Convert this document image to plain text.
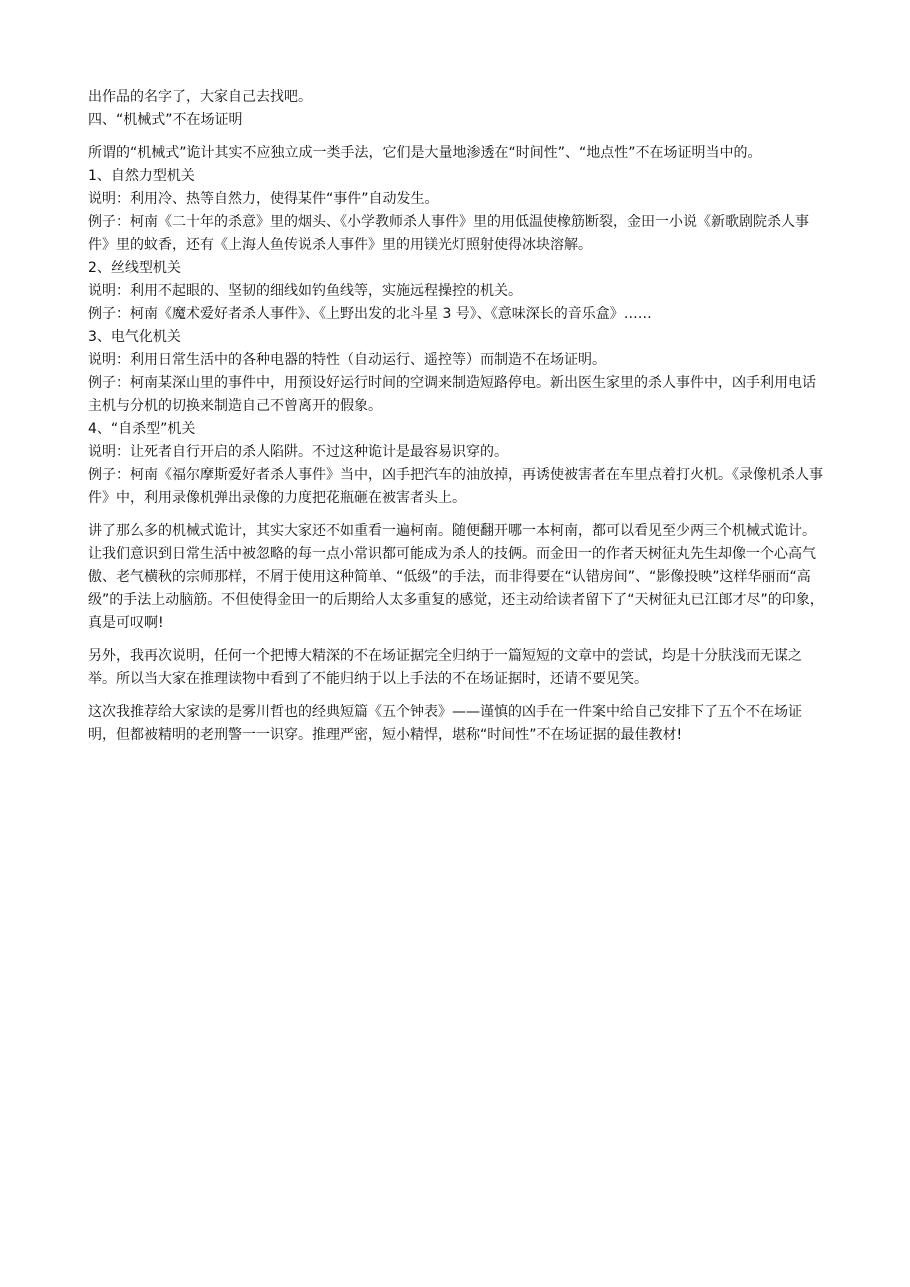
出作品的名字了，大家自己去找吧。

四、“机械式”不在场证明

所谓的“机械式”诡计其实不应独立成一类手法，它们是大量地渗透在“时间性”、“地点性”不在场证明当中的。

1、自然力型机关

说明：利用冷、热等自然力，使得某件“事件”自动发生。

例子：柯南《二十年的杀意》里的烟头、《小学教师杀人事件》里的用低温使橡筋断裂，金田一小说《新歌剧院杀人事件》里的蚊香，还有《上海人鱼传说杀人事件》里的用镁光灯照射使得冰块溶解。

2、丝线型机关

说明：利用不起眼的、坚韧的细线如钓鱼线等，实施远程操控的机关。

例子：柯南《魔术爱好者杀人事件》、《上野出发的北斗星 3 号》、《意味深长的音乐盒》……

3、电气化机关

说明：利用日常生活中的各种电器的特性（自动运行、遥控等）而制造不在场证明。

例子：柯南某深山里的事件中，用预设好运行时间的空调来制造短路停电。新出医生家里的杀人事件中，凶手利用电话主机与分机的切换来制造自己不曾离开的假象。

4、“自杀型”机关

说明：让死者自行开启的杀人陷阱。不过这种诡计是最容易识穿的。

例子：柯南《福尔摩斯爱好者杀人事件》当中，凶手把汽车的油放掉，再诱使被害者在车里点着打火机。《录像机杀人事件》中，利用录像机弹出录像的力度把花瓶砸在被害者头上。

讲了那么多的机械式诡计，其实大家还不如重看一遍柯南。随便翻开哪一本柯南，都可以看见至少两三个机械式诡计。让我们意识到日常生活中被忽略的每一点小常识都可能成为杀人的技俩。而金田一的作者天树征丸先生却像一个心高气傲、老气横秋的宗师那样，不屑于使用这种简单、“低级”的手法，而非得要在“认错房间”、“影像投映”这样华丽而“高级”的手法上动脑筋。不但使得金田一的后期给人太多重复的感觉，还主动给读者留下了“天树征丸已江郎才尽”的印象，真是可叹啊!

另外，我再次说明，任何一个把博大精深的不在场证据完全归纳于一篇短短的文章中的尝试，均是十分肤浅而无谋之举。所以当大家在推理读物中看到了不能归纳于以上手法的不在场证据时，还请不要见笑。

这次我推荐给大家读的是雾川哲也的经典短篇《五个钟表》——谨慎的凶手在一件案中给自己安排下了五个不在场证明，但都被精明的老刑警一一识穿。推理严密，短小精悍，堪称“时间性”不在场证据的最佳教材!
